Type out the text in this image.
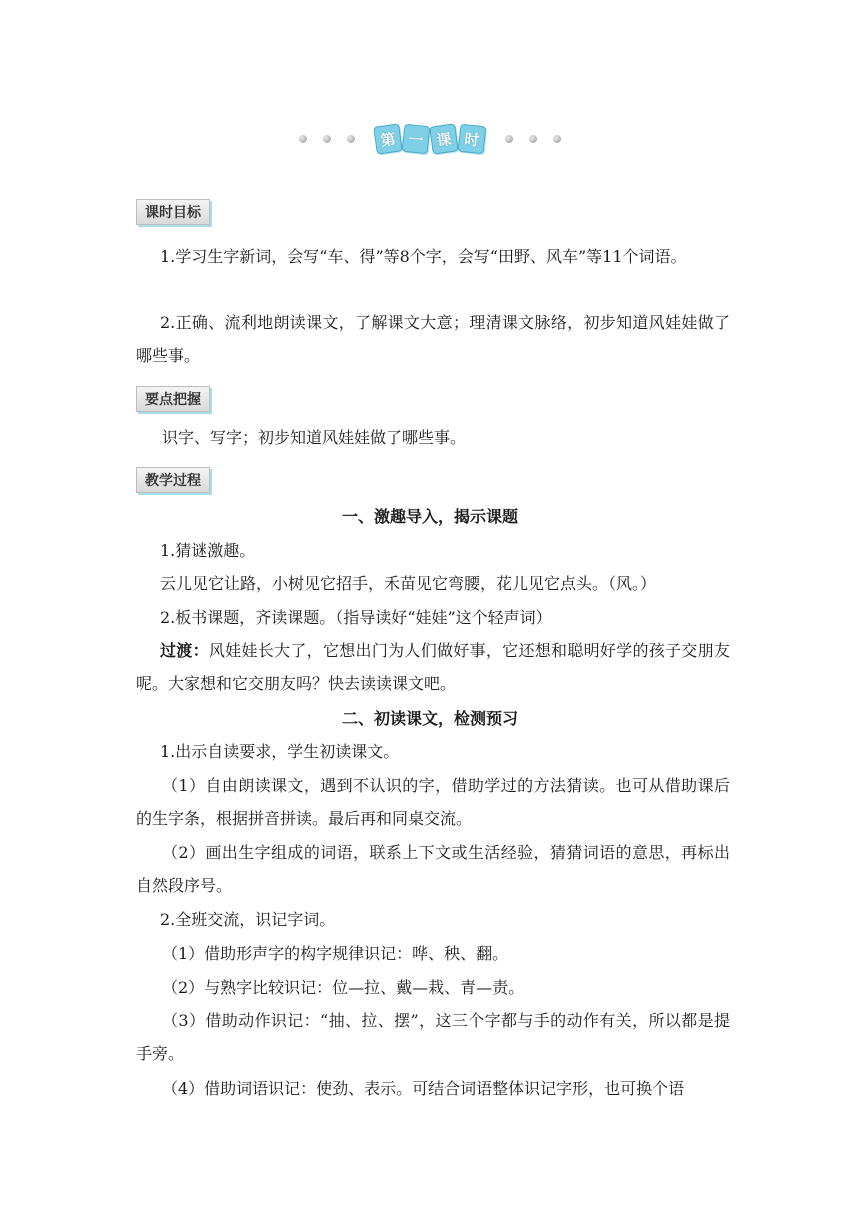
第 一 课 时
课时目标
1.学习生字新词，会写“车、得”等8个字，会写“田野、风车”等11个词语。
2.正确、流利地朗读课文，了解课文大意；理清课文脉络，初步知道风娃娃做了哪些事。
要点把握
识字、写字；初步知道风娃娃做了哪些事。
教学过程
一、激趣导入，揭示课题
1.猜谜激趣。
云儿见它让路，小树见它招手，禾苗见它弯腰，花儿见它点头。（风。）
2.板书课题，齐读课题。（指导读好“娃娃”这个轻声词）
过渡：风娃娃长大了，它想出门为人们做好事，它还想和聪明好学的孩子交朋友呢。大家想和它交朋友吗？快去读读课文吧。
二、初读课文，检测预习
1.出示自读要求，学生初读课文。
（1）自由朗读课文，遇到不认识的字，借助学过的方法猜读。也可从借助课后的生字条，根据拼音拼读。最后再和同桌交流。
（2）画出生字组成的词语，联系上下文或生活经验，猜猜词语的意思，再标出自然段序号。
2.全班交流，识记字词。
（1）借助形声字的构字规律识记：哗、秧、翻。
（2）与熟字比较识记：位—拉、戴—栽、青—责。
（3）借助动作识记：“抽、拉、摆”，这三个字都与手的动作有关，所以都是提手旁。
（4）借助词语识记：使劲、表示。可结合词语整体识记字形，也可换个语
